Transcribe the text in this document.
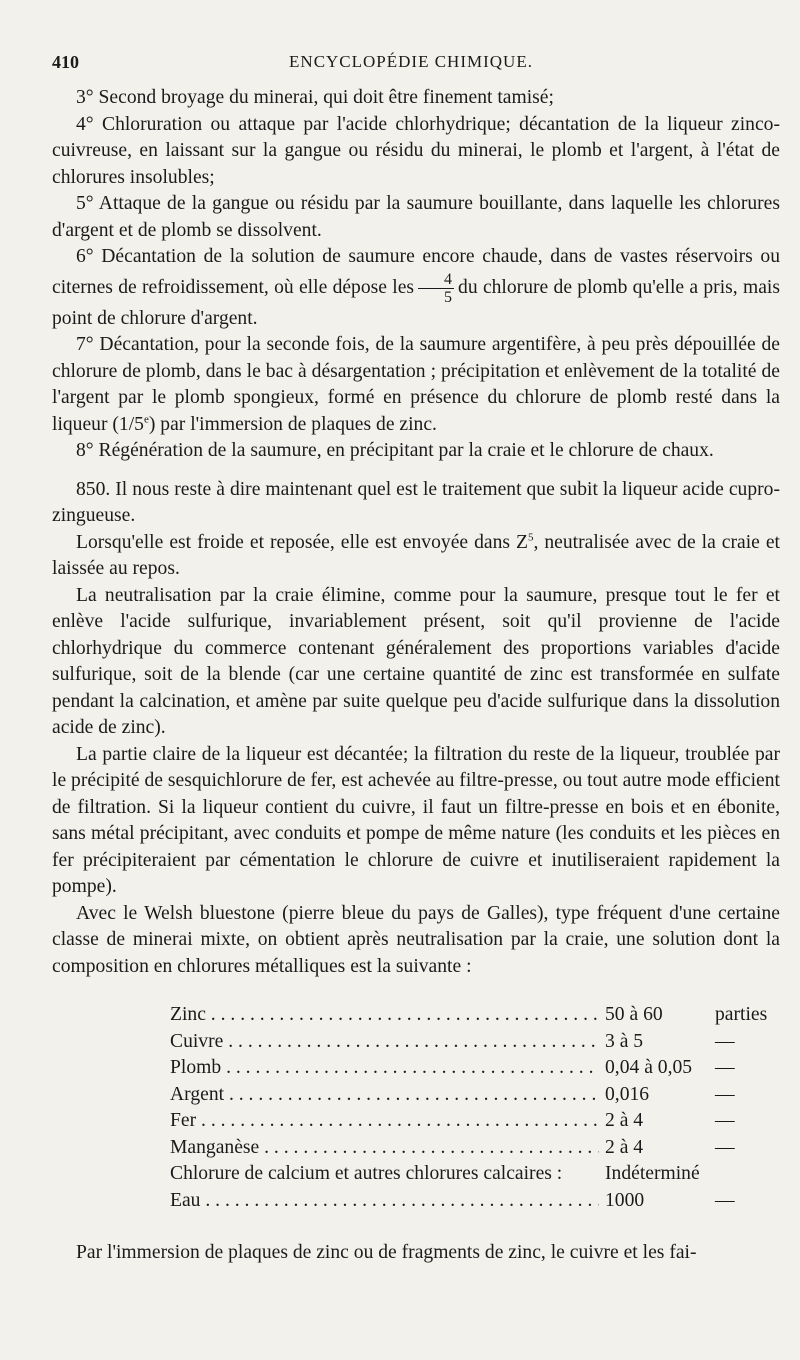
410	ENCYCLOPÉDIE CHIMIQUE.

3° Second broyage du minerai, qui doit être finement tamisé;

4° Chloruration ou attaque par l'acide chlorhydrique; décantation de la liqueur zinco-cuivreuse, en laissant sur la gangue ou résidu du minerai, le plomb et l'argent, à l'état de chlorures insolubles;

5° Attaque de la gangue ou résidu par la saumure bouillante, dans laquelle les chlorures d'argent et de plomb se dissolvent.

6° Décantation de la solution de saumure encore chaude, dans de vastes réservoirs ou citernes de refroidissement, où elle dépose les $\frac{4}{5}$ du chlorure de plomb qu'elle a pris, mais point de chlorure d'argent.

7° Décantation, pour la seconde fois, de la saumure argentifère, à peu près dépouillée de chlorure de plomb, dans le bac à désargentation ; précipitation et enlèvement de la totalité de l'argent par le plomb spongieux, formé en présence du chlorure de plomb resté dans la liqueur (1/5e) par l'immersion de plaques de zinc.

8° Régénération de la saumure, en précipitant par la craie et le chlorure de chaux.

850. Il nous reste à dire maintenant quel est le traitement que subit la liqueur acide cupro-zingueuse.

Lorsqu'elle est froide et reposée, elle est envoyée dans $Z^5$, neutralisée avec de la craie et laissée au repos.

La neutralisation par la craie élimine, comme pour la saumure, presque tout le fer et enlève l'acide sulfurique, invariablement présent, soit qu'il provienne de l'acide chlorhydrique du commerce contenant généralement des proportions variables d'acide sulfurique, soit de la blende (car une certaine quantité de zinc est transformée en sulfate pendant la calcination, et amène par suite quelque peu d'acide sulfurique dans la dissolution acide de zinc).

La partie claire de la liqueur est décantée; la filtration du reste de la liqueur, troublée par le précipité de sesquichlorure de fer, est achevée au filtre-presse, ou tout autre mode efficient de filtration. Si la liqueur contient du cuivre, il faut un filtre-presse en bois et en ébonite, sans métal précipitant, avec conduits et pompe de même nature (les conduits et les pièces en fer précipiteraient par cémentation le chlorure de cuivre et inutiliseraient rapidement la pompe).

Avec le Welsh bluestone (pierre bleue du pays de Galles), type fréquent d'une certaine classe de minerai mixte, on obtient après neutralisation par la craie, une solution dont la composition en chlorures métalliques est la suivante :

Zinc . . .	50 à 60	parties
Cuivre . . .	3 à 5	—
Plomb . . .	0,04 à 0,05	—
Argent . . .	0,016	—
Fer . . .	2 à 4	—
Manganèse . . .	2 à 4	—
Chlorure de calcium et autres chlorures calcaires :	Indéterminé
Eau . . .	1000	—

Par l'immersion de plaques de zinc ou de fragments de zinc, le cuivre et les fai-
